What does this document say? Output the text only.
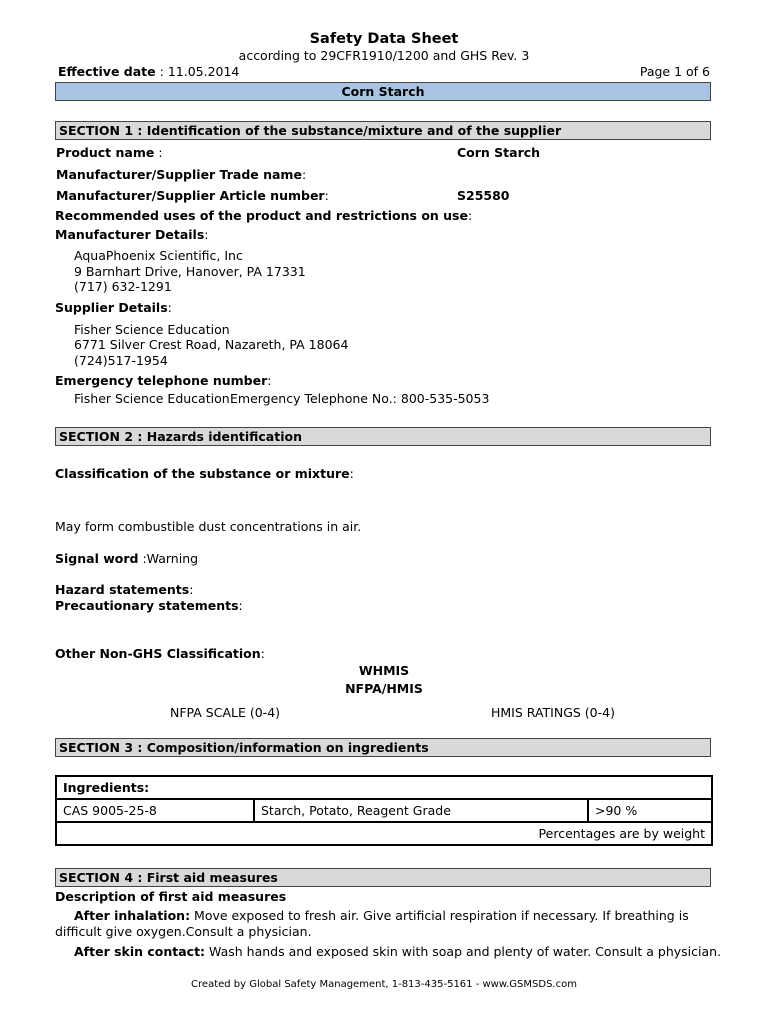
Safety Data Sheet
according to 29CFR1910/1200 and GHS Rev. 3
Effective date : 11.05.2014	Page 1 of 6
Corn Starch
SECTION 1 : Identification of the substance/mixture and of the supplier
Product name :	Corn Starch
Manufacturer/Supplier Trade name:
Manufacturer/Supplier Article number:	S25580
Recommended uses of the product and restrictions on use:
Manufacturer Details:
AquaPhoenix Scientific, Inc
9 Barnhart Drive, Hanover, PA 17331
(717) 632-1291
Supplier Details:
Fisher Science Education
6771 Silver Crest Road, Nazareth, PA 18064
(724)517-1954
Emergency telephone number:
Fisher Science Education Emergency Telephone No.: 800-535-5053
SECTION 2 : Hazards identification
Classification of the substance or mixture:
May form combustible dust concentrations in air.
Signal word :Warning
Hazard statements:
Precautionary statements:
Other Non-GHS Classification:
WHMIS
NFPA/HMIS
NFPA SCALE (0-4)	HMIS RATINGS (0-4)
SECTION 3 : Composition/information on ingredients
Ingredients:
CAS 9005-25-8	Starch, Potato, Reagent Grade	>90 %
Percentages are by weight
SECTION 4 : First aid measures
Description of first aid measures
After inhalation: Move exposed to fresh air. Give artificial respiration if necessary. If breathing is difficult give oxygen.Consult a physician.
After skin contact: Wash hands and exposed skin with soap and plenty of water. Consult a physician.
Created by Global Safety Management, 1-813-435-5161 - www.GSMSDS.com
